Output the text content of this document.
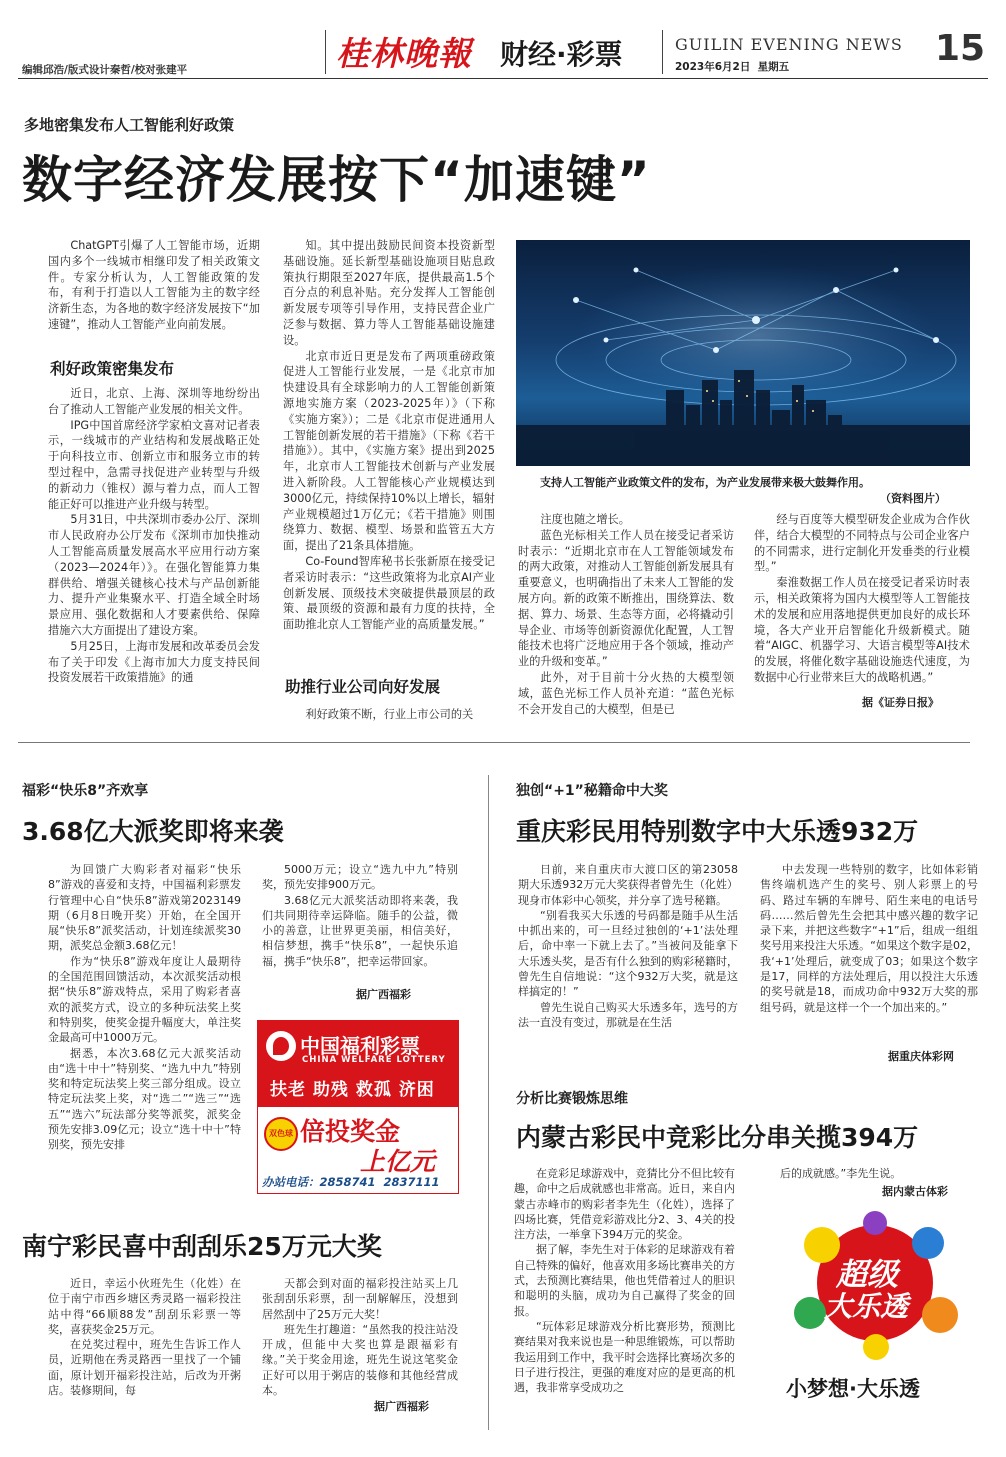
编辑邱浩/版式设计秦哲/校对张建平	桂林晚報 财经·彩票	GUILIN EVENING NEWS
2023年6月2日  星期五	15
多地密集发布人工智能利好政策
数字经济发展按下“加速键”

ChatGPT引爆了人工智能市场，近期国内多个一线城市相继印发了相关政策文件。专家分析认为，人工智能政策的发布，有利于打造以人工智能为主的数字经济新生态，为各地的数字经济发展按下“加速键”，推动人工智能产业向前发展。

利好政策密集发布

近日，北京、上海、深圳等地纷纷出台了推动人工智能产业发展的相关文件。

IPG中国首席经济学家柏文喜对记者表示，一线城市的产业结构和发展战略正处于向科技立市、创新立市和服务立市的转型过程中，急需寻找促进产业转型与升级的新动力（锥权）源与着力点，而人工智能正好可以推进产业升级与转型。

5月31日，中共深圳市委办公厅、深圳市人民政府办公厅发布《深圳市加快推动人工智能高质量发展高水平应用行动方案（2023—2024年）》。在强化智能算力集群供给、增强关键核心技术与产品创新能力、提升产业集聚水平、打造全域全时场景应用、强化数据和人才要素供给、保障措施六大方面提出了建设方案。

5月25日，上海市发展和改革委员会发布了关于印发《上海市加大力度支持民间投资发展若干政策措施》的通

知。其中提出鼓励民间资本投资新型基础设施。延长新型基础设施项目贴息政策执行期限至2027年底，提供最高1.5个百分点的利息补贴。充分发挥人工智能创新发展专项等引导作用，支持民营企业广泛参与数据、算力等人工智能基础设施建设。

北京市近日更是发布了两项重磅政策促进人工智能行业发展，一是《北京市加快建设具有全球影响力的人工智能创新策源地实施方案（2023-2025年）》（下称《实施方案》）；二是《北京市促进通用人工智能创新发展的若干措施》（下称《若干措施》）。其中，《实施方案》提出到2025年，北京市人工智能技术创新与产业发展进入新阶段。人工智能核心产业规模达到3000亿元，持续保持10%以上增长，辐射产业规模超过1万亿元；《若干措施》则围绕算力、数据、模型、场景和监管五大方面，提出了21条具体措施。

Co-Found智库秘书长张新原在接受记者采访时表示：“这些政策将为北京AI产业创新发展、顶级技术突破提供最顶层的政策、最顶级的资源和最有力度的扶持，全面助推北京人工智能产业的高质量发展。”

助推行业公司向好发展

利好政策不断，行业上市公司的关

支持人工智能产业政策文件的发布，为产业发展带来极大鼓舞作用。
（资料图片）

注度也随之增长。

蓝色光标相关工作人员在接受记者采访时表示：“近期北京市在人工智能领域发布的两大政策，对推动人工智能创新发展具有重要意义，也明确指出了未来人工智能的发展方向。新的政策不断推出，围绕算法、数据、算力、场景、生态等方面，必将撬动引导企业、市场等创新资源优化配置，人工智能技术也将广泛地应用于各个领域，推动产业的升级和变革。”

此外，对于目前十分火热的大模型领域，蓝色光标工作人员补充道：“蓝色光标不会开发自己的大模型，但是已

经与百度等大模型研发企业成为合作伙伴，结合大模型的不同特点与公司企业客户的不同需求，进行定制化开发垂类的行业模型。”

秦淮数据工作人员在接受记者采访时表示，相关政策将为国内大模型等人工智能技术的发展和应用落地提供更加良好的成长环境，各大产业开启智能化升级新模式。随着“AIGC、机器学习、大语言模型等AI技术的发展，将催化数字基础设施迭代速度，为数据中心行业带来巨大的战略机遇。”

据《证券日报》
福彩“快乐8”齐欢享
3.68亿大派奖即将来袭

为回馈广大购彩者对福彩“快乐8”游戏的喜爱和支持，中国福利彩票发行管理中心自“快乐8”游戏第2023149期（6月8日晚开奖）开始，在全国开展“快乐8”派奖活动，计划连续派奖30期，派奖总金额3.68亿元！

作为“快乐8”游戏年度让人最期待的全国范围回馈活动，本次派奖活动根据“快乐8”游戏特点，采用了购彩者喜欢的派奖方式，设立的多种玩法奖上奖和特别奖，使奖金提升幅度大，单注奖金最高可中1000万元。

据悉，本次3.68亿元大派奖活动由“选十中十”特别奖、“选九中九”特别奖和特定玩法奖上奖三部分组成。设立特定玩法奖上奖，对“选二”“选三”“选五”“选六”玩法部分奖等派奖，派奖金预先安排3.09亿元；设立“选十中十”特别奖，预先安排

5000万元；设立“选九中九”特别奖，预先安排900万元。

3.68亿元大派奖活动即将来袭，我们共同期待幸运降临。随手的公益，微小的善意，让世界更美丽，相信美好，相信梦想，携手“快乐8”，一起快乐追福，携手“快乐8”，把幸运带回家。

据广西福彩
中国福利彩票
CHINA WELFARE LOTTERY
扶老 助残 救孤 济困
双色球 倍投奖金
上亿元
办站电话：2858741  2837111
南宁彩民喜中刮刮乐25万元大奖

近日，幸运小伙班先生（化姓）在位于南宁市西乡塘区秀灵路一福彩投注站中得“66顺88发”刮刮乐彩票一等奖，喜获奖金25万元。

在兑奖过程中，班先生告诉工作人员，近期他在秀灵路西一里找了一个铺面，原计划开福彩投注站，后改为开粥店。装修期间，每

天都会到对面的福彩投注站买上几张刮刮乐彩票，刮一刮解解压，没想到居然刮中了25万元大奖！

班先生打趣道：“虽然我的投注站没开成，但能中大奖也算是跟福彩有缘。”关于奖金用途，班先生说这笔奖金正好可以用于粥店的装修和其他经营成本。

据广西福彩
独创“+1”秘籍命中大奖
重庆彩民用特别数字中大乐透932万

日前，来自重庆市大渡口区的第23058期大乐透932万元大奖获得者曾先生（化姓）现身市体彩中心领奖，并分享了选号秘籍。

“别看我买大乐透的号码都是随手从生活中抓出来的，可一旦经过独创的‘+1’法处理后，命中率一下就上去了。”当被问及能拿下大乐透头奖，是否有什么独到的购彩秘籍时，曾先生自信地说：“这个932万大奖，就是这样搞定的！”

曾先生说自己购买大乐透多年，选号的方法一直没有变过，那就是在生活

中去发现一些特别的数字，比如体彩销售终端机选产生的奖号、别人彩票上的号码、路过车辆的车牌号、陌生来电的电话号码……然后曾先生会把其中感兴趣的数字记录下来，并把这些数字“+1”后，组成一组组奖号用来投注大乐透。“如果这个数字是02，我‘+1’处理后，就变成了03；如果这个数字是17，同样的方法处理后，用以投注大乐透的奖号就是18，而成功命中932万大奖的那组号码，就是这样一个一个加出来的。”

据重庆体彩网
分析比赛锻炼思维
内蒙古彩民中竞彩比分串关揽394万

在竞彩足球游戏中，竞猜比分不但比较有趣，命中之后成就感也非常高。近日，来自内蒙古赤峰市的购彩者李先生（化姓），选择了四场比赛，凭借竞彩游戏比分2、3、4关的投注方法，一举拿下394万元的奖金。

据了解，李先生对于体彩的足球游戏有着自己特殊的偏好，他喜欢用多场比赛串关的方式，去预测比赛结果，他也凭借着过人的胆识和聪明的头脑，成功为自己赢得了奖金的回报。

“玩体彩足球游戏分析比赛形势，预测比赛结果对我来说也是一种思维锻炼，可以帮助我运用到工作中，我平时会选择比赛场次多的日子进行投注，更强的难度对应的是更高的机遇，我非常享受成功之

后的成就感。”李先生说。

据内蒙古体彩
超级
大乐透
小梦想·大乐透
